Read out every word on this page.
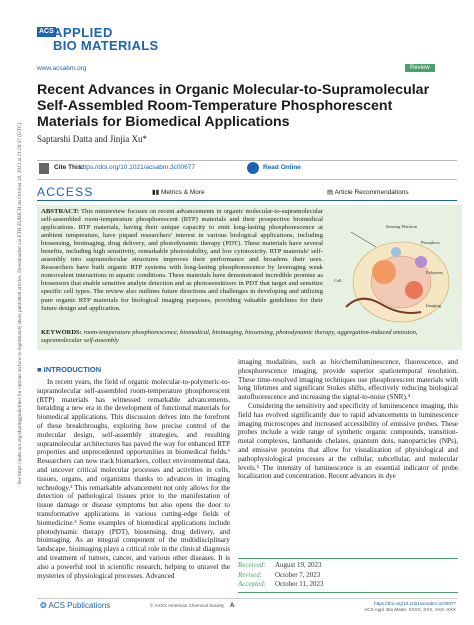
See https://pubs.acs.org/sharingguidelines for options on how to legitimately share published articles. Downloaded via ETH ZURICH on October 26, 2023 at 21:20:17 (UTC).
ACS APPLIED
BIO MATERIALS
www.acsabm.org	Review
Recent Advances in Organic Molecular-to-Supramolecular Self-Assembled Room-Temperature Phosphorescent Materials for Biomedical Applications
Saptarshi Datta and Jinjia Xu*
Cite This:
https://doi.org/10.1021/acsabm.3c00677	Read Online
ACCESS	▮▮ Metrics & More	▤ Article Recommendations
ABSTRACT: This minireview focuses on recent advancements in organic molecular-to-supramolecular self-assembled room-temperature phosphorescent (RTP) materials and their prospective biomedical applications. RTP materials, having their unique capacity to emit long-lasting phosphorescence at ambient temperature, have piqued researchers' interest in various biological applications, including biosensing, bioimaging, drug delivery, and photodynamic therapy (PDT). These materials have several benefits, including high sensitivity, remarkable photostability, and low cytotoxicity. RTP materials' self-assembly into supramolecular structures improves their performance and broadens their uses. Researchers have built organic RTP systems with long-lasting phosphorescence by leveraging weak noncovalent interactions in aquatic conditions. These materials have demonstrated incredible promise as biosensors that enable sensitive analyte detection and as photosensitizers in PDT that target and sensitize specific cell types. The review also outlines future directions and challenges in developing and utilizing pure organic RTP materials for biological imaging purposes, providing valuable guidelines for their future design and application.
Sensing Platform
Phosphors
Polymers
Cell
Imaging
KEYWORDS: room-temperature phosphorescence, biomedical, bioimaging, biosensing, photodynamic therapy, aggregation-induced emission, supramolecular self-assembly
■ INTRODUCTION

In recent years, the field of organic molecular-to-polymeric-to-supramolecular self-assembled room-temperature phosphorescent (RTP) materials has witnessed remarkable advancements, heralding a new era in the development of functional materials for biomedical applications. This discussion delves into the forefront of these breakthroughs, exploring how precise control of the molecular design, self-assembly strategies, and resulting supramolecular architectures has paved the way for enhanced RTP properties and unprecedented opportunities in biomedical fields.¹ Researchers can now track biomarkers, collect environmental data, and uncover critical molecular processes and activities in cells, tissues, organs, and organisms thanks to advances in imaging technology.² This remarkable advancement not only allows for the detection of pathological tissues prior to the manifestation of tissue damage or disease symptoms but also opens the door to transformative applications in various cutting-edge fields of biomedicine.³ Some examples of biomedical applications include photodynamic therapy (PDT), biosensing, drug delivery, and bioimaging. As an integral component of the multidisciplinary landscape, bioimaging plays a critical role in the clinical diagnosis and treatment of tumors, cancer, and various other diseases. It is also a powerful tool in scientific research, helping to unravel the mysteries of physiological processes. Advanced

imaging modalities, such as bio/chemiluminescence, fluorescence, and phosphorescence imaging, provide superior spatiotemporal resolution. These time-resolved imaging techniques use phosphorescent materials with long lifetimes and significant Stokes shifts, effectively reducing biological autofluorescence and increasing the signal-to-noise (SNR).⁴

Considering the sensitivity and specificity of luminescence imaging, this field has evolved significantly due to rapid advancements in luminescence imaging microscopes and increased accessibility of emissive probes. These probes include a wide range of synthetic organic compounds, transition-metal complexes, lanthanide chelates, quantum dots, nanoparticles (NPs), and emissive proteins that allow for visualization of physiological and pathophysiological processes at the cellular, subcellular, and molecular levels.⁵ The intensity of luminescence is an essential indicator of probe localization and concentration. Recent advances in dye

Received:	August 19, 2023
Revised:	October 7, 2023
Accepted:	October 11, 2023
❂ ACS Publications	© XXXX American Chemical Society A	https://doi.org/10.1021/acsabm.3c00677
ACS Appl. Bio Mater. XXXX, XXX, XXX−XXX
